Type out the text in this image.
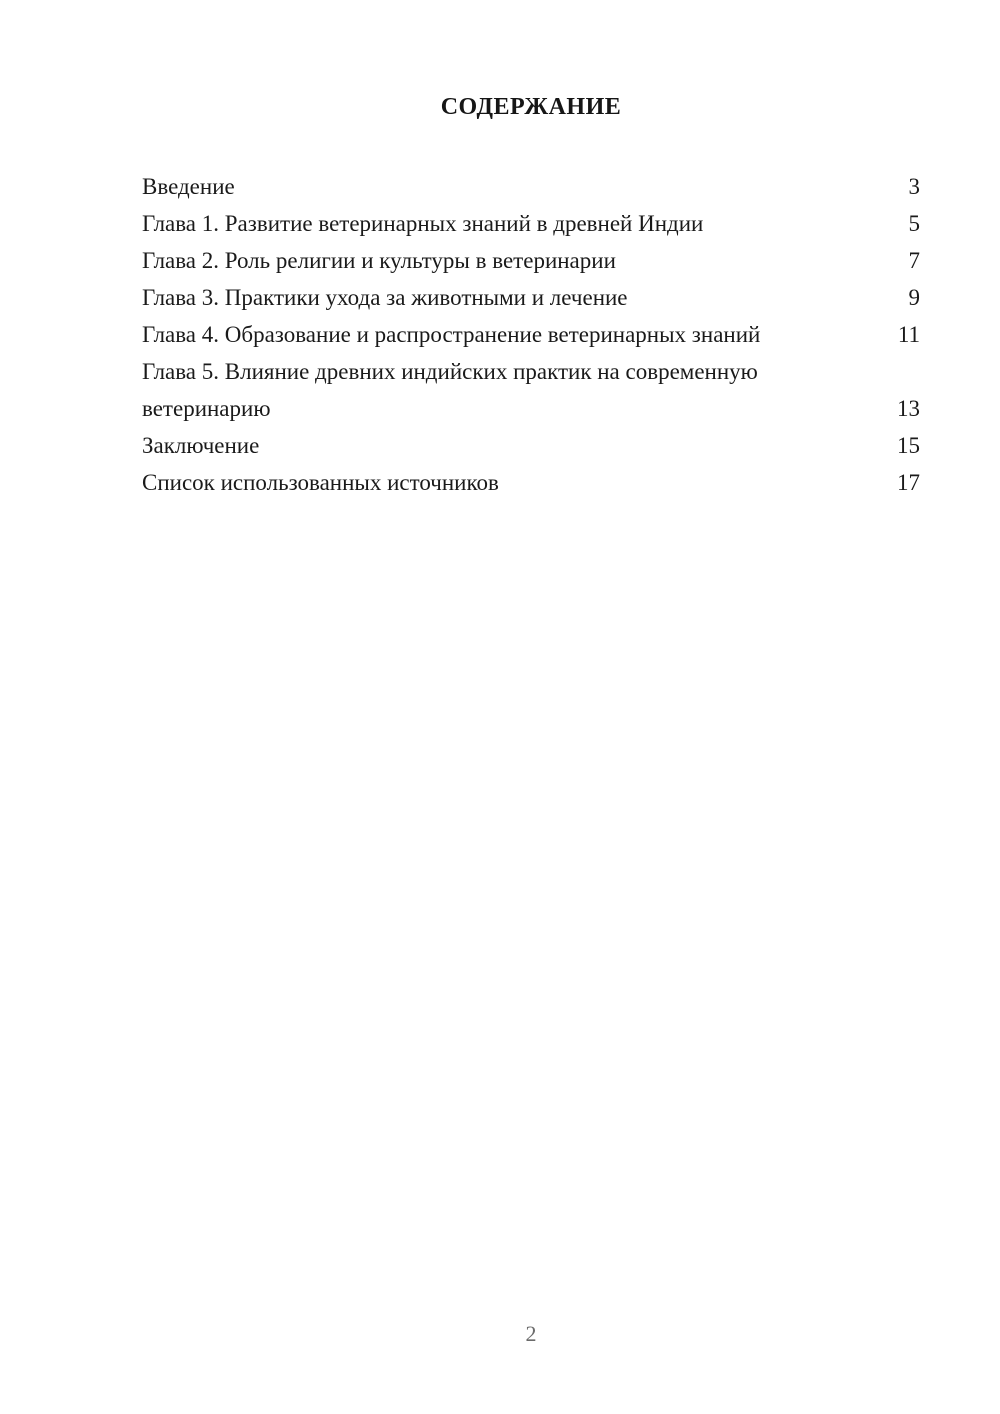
СОДЕРЖАНИЕ
Введение	3
Глава 1. Развитие ветеринарных знаний в древней Индии	5
Глава 2. Роль религии и культуры в ветеринарии	7
Глава 3. Практики ухода за животными и лечение	9
Глава 4. Образование и распространение ветеринарных знаний	11
Глава 5. Влияние древних индийских практик на современную ветеринарию	13
Заключение	15
Список использованных источников	17
2
